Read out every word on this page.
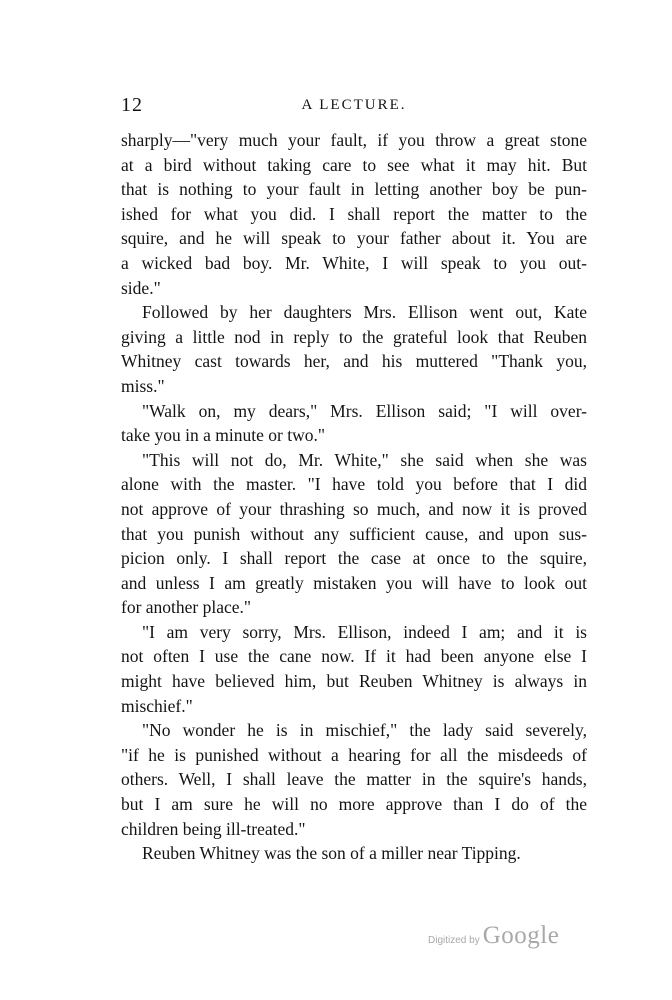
12	A LECTURE.
sharply—"very much your fault, if you throw a great stone
at a bird without taking care to see what it may hit. But
that is nothing to your fault in letting another boy be pun-
ished for what you did. I shall report the matter to the
squire, and he will speak to your father about it. You are
a wicked bad boy. Mr. White, I will speak to you out-
side."
Followed by her daughters Mrs. Ellison went out, Kate
giving a little nod in reply to the grateful look that Reuben
Whitney cast towards her, and his muttered "Thank you,
miss."
"Walk on, my dears," Mrs. Ellison said; "I will over-
take you in a minute or two."
"This will not do, Mr. White," she said when she was
alone with the master. "I have told you before that I did
not approve of your thrashing so much, and now it is proved
that you punish without any sufficient cause, and upon sus-
picion only. I shall report the case at once to the squire,
and unless I am greatly mistaken you will have to look out
for another place."
"I am very sorry, Mrs. Ellison, indeed I am; and it is
not often I use the cane now. If it had been anyone else I
might have believed him, but Reuben Whitney is always in
mischief."
"No wonder he is in mischief," the lady said severely,
"if he is punished without a hearing for all the misdeeds of
others. Well, I shall leave the matter in the squire's hands,
but I am sure he will no more approve than I do of the
children being ill-treated."
Reuben Whitney was the son of a miller near Tipping.
Digitized by Google
